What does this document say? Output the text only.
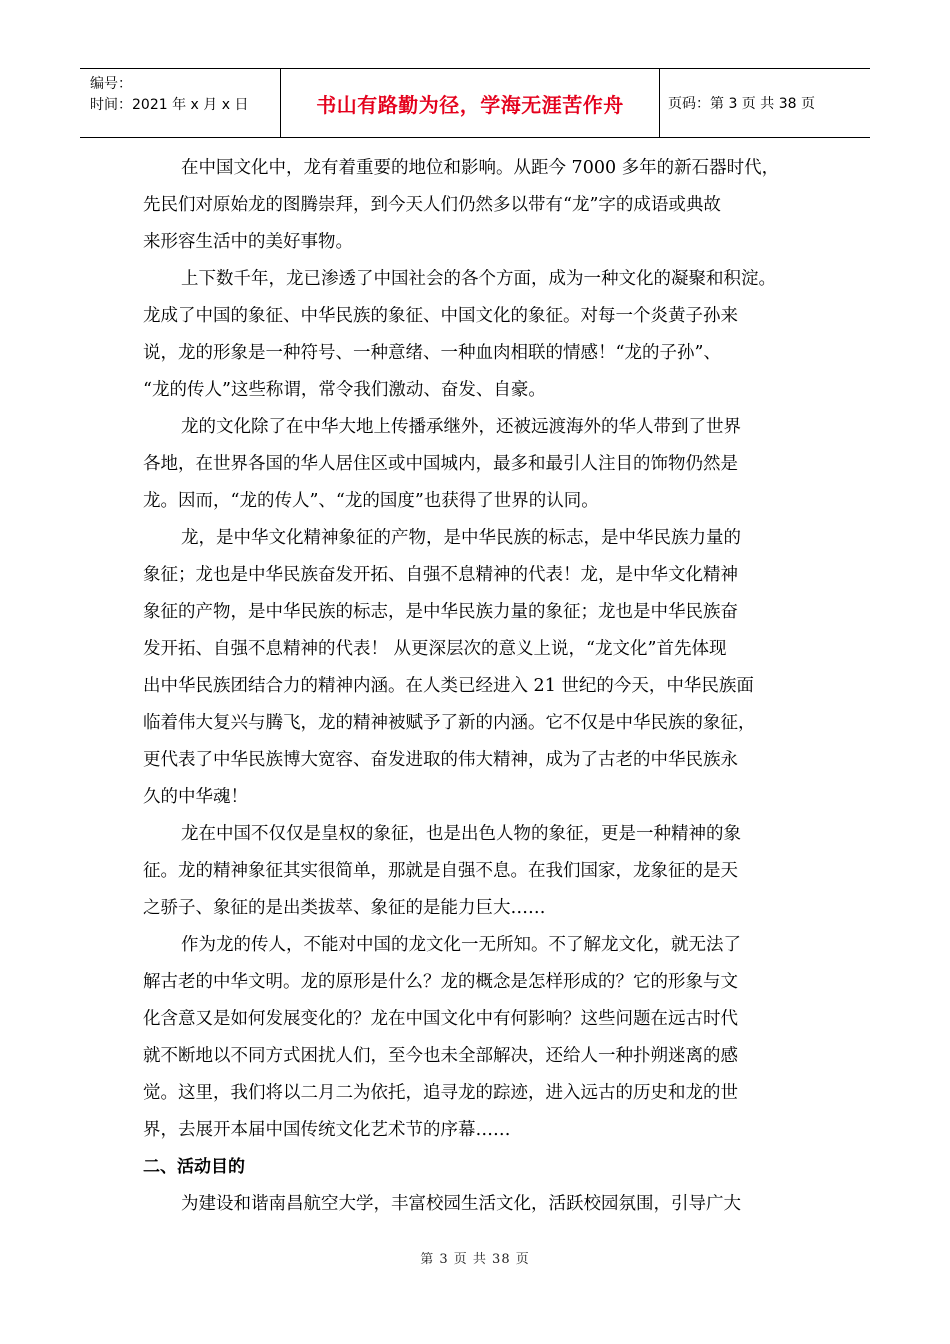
编号：
时间：2021 年 x 月 x 日	书山有路勤为径，学海无涯苦作舟	页码：第 3 页 共 38 页
在中国文化中，龙有着重要的地位和影响。从距今 7000 多年的新石器时代，
先民们对原始龙的图腾崇拜，到今天人们仍然多以带有“龙”字的成语或典故
来形容生活中的美好事物。
上下数千年，龙已渗透了中国社会的各个方面，成为一种文化的凝聚和积淀。
龙成了中国的象征、中华民族的象征、中国文化的象征。对每一个炎黄子孙来
说，龙的形象是一种符号、一种意绪、一种血肉相联的情感！“龙的子孙”、
“龙的传人”这些称谓，常令我们激动、奋发、自豪。
龙的文化除了在中华大地上传播承继外，还被远渡海外的华人带到了世界
各地，在世界各国的华人居住区或中国城内，最多和最引人注目的饰物仍然是
龙。因而，“龙的传人”、“龙的国度”也获得了世界的认同。
龙，是中华文化精神象征的产物，是中华民族的标志，是中华民族力量的
象征；龙也是中华民族奋发开拓、自强不息精神的代表！龙，是中华文化精神
象征的产物，是中华民族的标志，是中华民族力量的象征；龙也是中华民族奋
发开拓、自强不息精神的代表！ 从更深层次的意义上说，“龙文化”首先体现
出中华民族团结合力的精神内涵。在人类已经进入 21 世纪的今天，中华民族面
临着伟大复兴与腾飞，龙的精神被赋予了新的内涵。它不仅是中华民族的象征，
更代表了中华民族博大宽容、奋发进取的伟大精神，成为了古老的中华民族永
久的中华魂！
龙在中国不仅仅是皇权的象征，也是出色人物的象征，更是一种精神的象
征。龙的精神象征其实很简单，那就是自强不息。在我们国家，龙象征的是天
之骄子、象征的是出类拔萃、象征的是能力巨大……
作为龙的传人，不能对中国的龙文化一无所知。不了解龙文化，就无法了
解古老的中华文明。龙的原形是什么？龙的概念是怎样形成的？它的形象与文
化含意又是如何发展变化的？龙在中国文化中有何影响？这些问题在远古时代
就不断地以不同方式困扰人们，至今也未全部解决，还给人一种扑朔迷离的感
觉。这里，我们将以二月二为依托，追寻龙的踪迹，进入远古的历史和龙的世
界，去展开本届中国传统文化艺术节的序幕……
二、活动目的
为建设和谐南昌航空大学，丰富校园生活文化，活跃校园氛围，引导广大
第 3 页 共 38 页
